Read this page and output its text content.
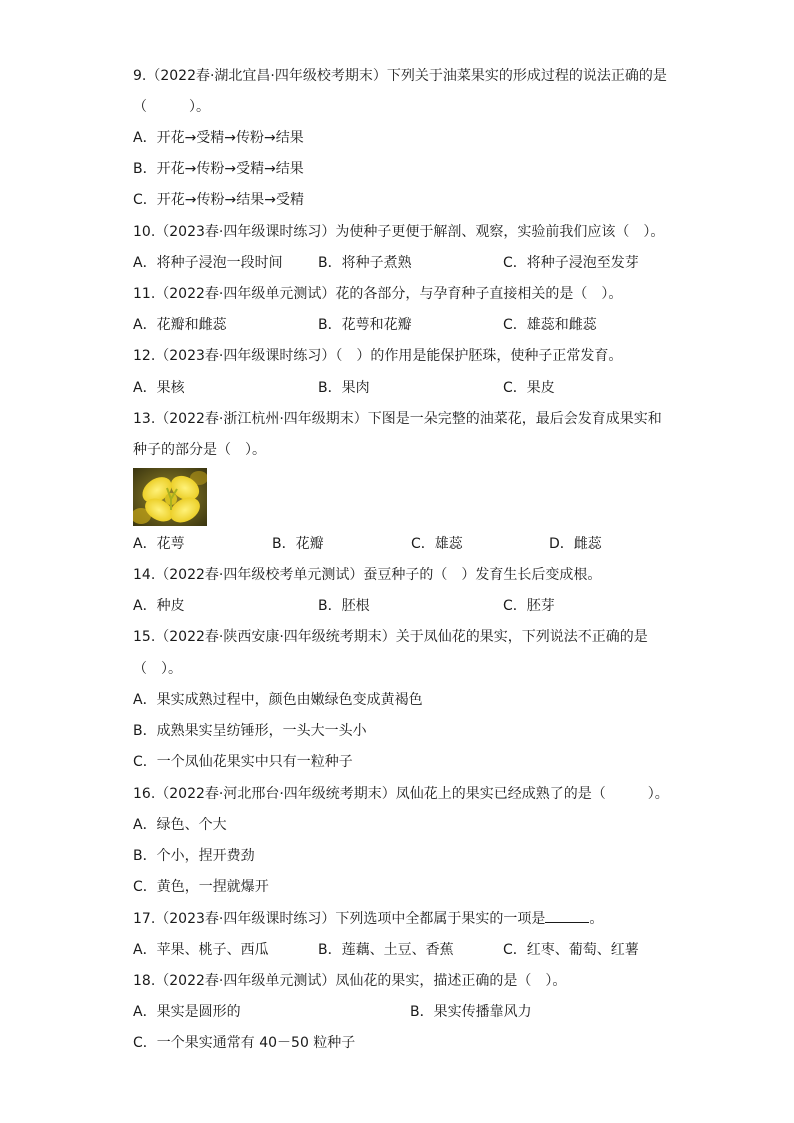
9.（2022春·湖北宜昌·四年级校考期末）下列关于油菜果实的形成过程的说法正确的是
（　　　）。
A．开花→受精→传粉→结果
B．开花→传粉→受精→结果
C．开花→传粉→结果→受精
10.（2023春·四年级课时练习）为使种子更便于解剖、观察，实验前我们应该（　）。
A．将种子浸泡一段时间	B．将种子煮熟	C．将种子浸泡至发芽
11.（2022春·四年级单元测试）花的各部分，与孕育种子直接相关的是（　）。
A．花瓣和雌蕊	B．花萼和花瓣	C．雄蕊和雌蕊
12.（2023春·四年级课时练习）（　）的作用是能保护胚珠，使种子正常发育。
A．果核	B．果肉	C．果皮
13.（2022春·浙江杭州·四年级期末）下图是一朵完整的油菜花，最后会发育成果实和
种子的部分是（　）。
A．花萼	B．花瓣	C．雄蕊	D．雌蕊
14.（2022春·四年级校考单元测试）蚕豆种子的（　）发育生长后变成根。
A．种皮	B．胚根	C．胚芽
15.（2022春·陕西安康·四年级统考期末）关于凤仙花的果实，下列说法不正确的是
（　）。
A．果实成熟过程中，颜色由嫩绿色变成黄褐色
B．成熟果实呈纺锤形，一头大一头小
C．一个凤仙花果实中只有一粒种子
16.（2022春·河北邢台·四年级统考期末）凤仙花上的果实已经成熟了的是（　　　）。
A．绿色、个大
B．个小，捏开费劲
C．黄色，一捏就爆开
17.（2023春·四年级课时练习）下列选项中全都属于果实的一项是	。
A．苹果、桃子、西瓜	B．莲藕、土豆、香蕉	C．红枣、葡萄、红薯
18.（2022春·四年级单元测试）凤仙花的果实，描述正确的是（　）。
A．果实是圆形的	B．果实传播靠风力
C．一个果实通常有 40－50 粒种子
